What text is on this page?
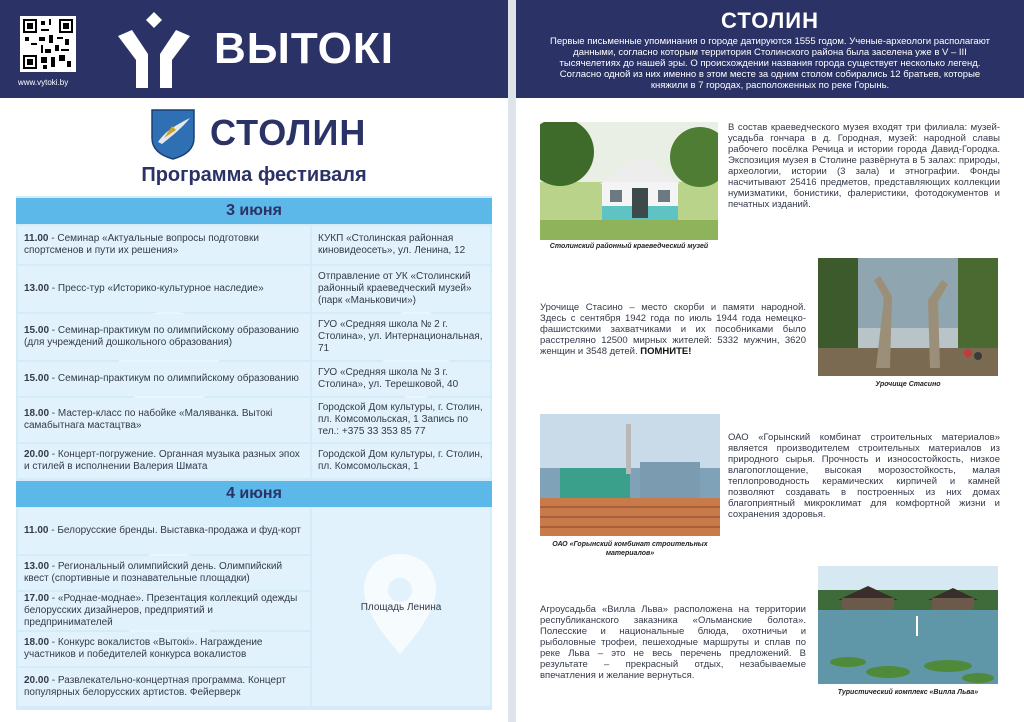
www.vytoki.by
ВЫТОКI
СТОЛИН
Программа фестиваля
3 июня
11.00 - Семинар «Актуальные вопросы подготовки спортсменов и пути их решения»
КУКП «Столинская районная киновидеосеть», ул. Ленина, 12
13.00 - Пресс-тур «Историко-культурное наследие»
Отправление от УК «Столинский районный краеведческий музей» (парк «Маньковичи»)
15.00 - Семинар-практикум по олимпийскому образованию (для учреждений дошкольного образования)
ГУО «Средняя школа № 2 г. Столина», ул. Интернациональная, 71
15.00 - Семинар-практикум по олимпийскому образованию
ГУО «Средняя школа № 3 г. Столина», ул. Терешковой, 40
18.00 - Мастер-класс по набойке «Маляванка. Вытокі самабытнага мастацтва»
Городской Дом культуры, г. Столин, пл. Комсомольская, 1 Запись по тел.: +375 33 353 85 77
20.00 - Концерт-погружение. Органная музыка разных эпох и стилей в исполнении Валерия Шмата
Городской Дом культуры, г. Столин, пл. Комсомольская, 1
4 июня
11.00 - Белорусские бренды. Выставка-продажа и фуд-корт
13.00 - Региональный олимпийский день. Олимпийский квест (спортивные и познавательные площадки)
17.00 - «Роднае-моднае». Презентация коллекций одежды белорусских дизайнеров, предприятий и предпринимателей
18.00 - Конкурс вокалистов «Вытокі». Награждение участников и победителей конкурса вокалистов
20.00 - Развлекательно-концертная программа. Концерт популярных белорусских артистов. Фейерверк
Площадь Ленина
СТОЛИН
Первые письменные упоминания о городе датируются 1555 годом. Ученые-археологи располагают данными, согласно которым территория Столинского района была заселена уже в V – III тысячелетиях до нашей эры. О происхождении названия города существует несколько легенд. Согласно одной из них именно в этом месте за одним столом собирались 12 братьев, которые княжили в 7 городах, расположенных по реке Горынь.
Столинский районный краеведческий музей
В состав краеведческого музея входят три филиала: музей-усадьба гончара в д. Городная, музей: народной славы рабочего посёлка Речица и истории города Давид-Городка. Экспозиция музея в Столине развёрнута в 5 залах: природы, археологии, истории (3 зала) и этнографии. Фонды насчитывают 25416 предметов, представляющих коллекции нумизматики, бонистики, фалеристики, фотодокументов и печатных изданий.
Урочище Стасино – место скорби и памяти народной. Здесь с сентября 1942 года по июль 1944 года немецко-фашистскими захватчиками и их пособниками было расстреляно 12500 мирных жителей: 5332 мужчин, 3620 женщин и 3548 детей. ПОМНИТЕ!
Урочище Стасино
ОАО «Горынский комбинат строительных материалов»
ОАО «Горынский комбинат строительных материалов» является производителем строительных материалов из природного сырья. Прочность и износостойкость, низкое влагопоглощение, высокая морозостойкость, малая теплопроводность керамических кирпичей и камней позволяют создавать в построенных из них домах благоприятный микроклимат для комфортной жизни и сохранения здоровья.
Агроусадьба «Вилла Льва» расположена на территории республиканского заказника «Ольманские болота». Полесские и национальные блюда, охотничьи и рыболовные трофеи, пешеходные маршруты и сплав по реке Льва – это не весь перечень предложений. В результате – прекрасный отдых, незабываемые впечатления и желание вернуться.
Туристический комплекс «Вилла Льва»
